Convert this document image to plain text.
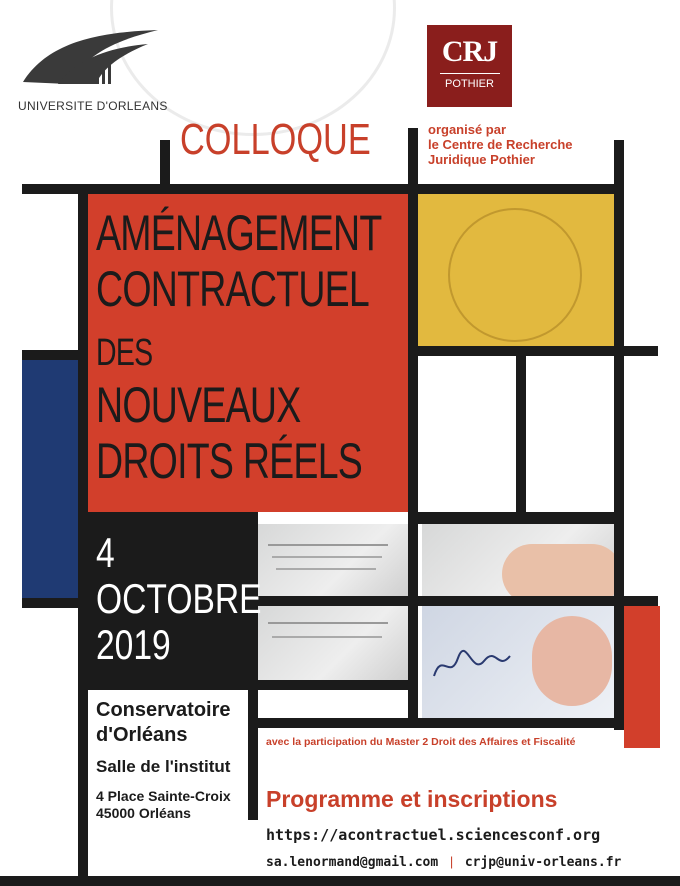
UNIVERSITE D'ORLEANS
CRJ
POTHIER
COLLOQUE	organisé par
le Centre de Recherche
Juridique Pothier
AMÉNAGEMENT
CONTRACTUEL
DES
NOUVEAUX
DROITS RÉELS
4
OCTOBRE
2019
Conservatoire
d'Orléans
Salle de l'institut
4 Place Sainte-Croix
45000 Orléans
avec la participation du Master 2 Droit des Affaires et Fiscalité
Programme et inscriptions
https://acontractuel.sciencesconf.org
sa.lenormand@gmail.com | crjp@univ-orleans.fr
